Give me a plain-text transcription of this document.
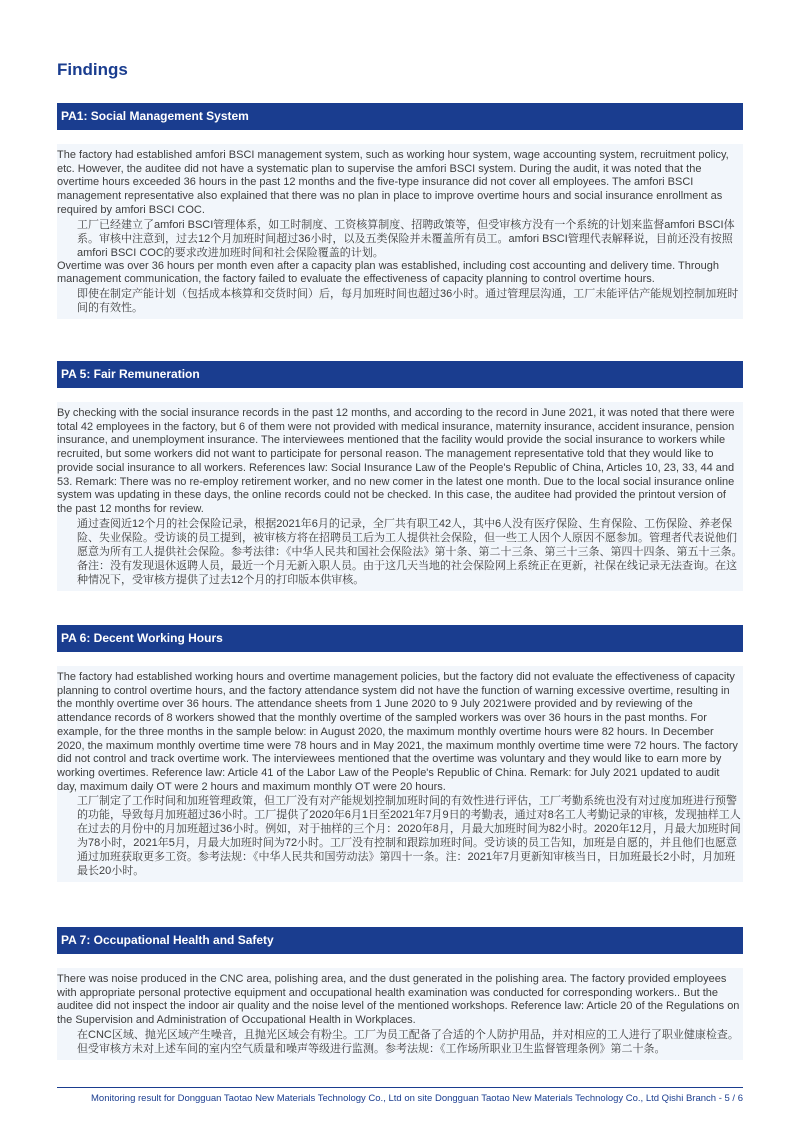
Findings
PA1: Social Management System

The factory had established amfori BSCI management system, such as working hour system, wage accounting system, recruitment policy, etc. However, the auditee did not have a systematic plan to supervise the amfori BSCI system. During the audit, it was noted that the overtime hours exceeded 36 hours in the past 12 months and the five-type insurance did not cover all employees. The amfori BSCI management representative also explained that there was no plan in place to improve overtime hours and social insurance enrollment as required by amfori BSCI COC.

工厂已经建立了amfori BSCI管理体系，如工时制度、工资核算制度、招聘政策等，但受审核方没有一个系统的计划来监督amfori BSCI体系。审核中注意到，过去12个月加班时间超过36小时，以及五类保险并未覆盖所有员工。amfori BSCI管理代表解释说，目前还没有按照amfori BSCI COC的要求改进加班时间和社会保险覆盖的计划。

Overtime was over 36 hours per month even after a capacity plan was established, including cost accounting and delivery time. Through management communication, the factory failed to evaluate the effectiveness of capacity planning to control overtime hours.

即使在制定产能计划（包括成本核算和交货时间）后，每月加班时间也超过36小时。通过管理层沟通，工厂未能评估产能规划控制加班时间的有效性。

PA 5: Fair Remuneration

By checking with the social insurance records in the past 12 months, and according to the record in June 2021, it was noted that there were total 42 employees in the factory, but 6 of them were not provided with medical insurance, maternity insurance, accident insurance, pension insurance, and unemployment insurance. The interviewees mentioned that the facility would provide the social insurance to workers while recruited, but some workers did not want to participate for personal reason. The management representative told that they would like to provide social insurance to all workers. References law: Social Insurance Law of the People's Republic of China, Articles 10, 23, 33, 44 and 53. Remark: There was no re-employ retirement worker, and no new comer in the latest one month. Due to the local social insurance online system was updating in these days, the online records could not be checked. In this case, the auditee had provided the printout version of the past 12 months for review.

通过查阅近12个月的社会保险记录，根据2021年6月的记录，全厂共有职工42人，其中6人没有医疗保险、生育保险、工伤保险、养老保险、失业保险。受访谈的员工提到，被审核方将在招聘员工后为工人提供社会保险，但一些工人因个人原因不愿参加。管理者代表说他们愿意为所有工人提供社会保险。参考法律：《中华人民共和国社会保险法》第十条、第二十三条、第三十三条、第四十四条、第五十三条。备注：没有发现退休返聘人员，最近一个月无新入职人员。由于这几天当地的社会保险网上系统正在更新，社保在线记录无法查询。在这种情况下，受审核方提供了过去12个月的打印版本供审核。

PA 6: Decent Working Hours

The factory had established working hours and overtime management policies, but the factory did not evaluate the effectiveness of capacity planning to control overtime hours, and the factory attendance system did not have the function of warning excessive overtime, resulting in the monthly overtime over 36 hours. The attendance sheets from 1 June 2020 to 9 July 2021were provided and by reviewing of the attendance records of 8 workers showed that the monthly overtime of the sampled workers was over 36 hours in the past months. For example, for the three months in the sample below: in August 2020, the maximum monthly overtime hours were 82 hours. In December 2020, the maximum monthly overtime time were 78 hours and in May 2021, the maximum monthly overtime time were 72 hours. The factory did not control and track overtime work. The interviewees mentioned that the overtime was voluntary and they would like to earn more by working overtimes. Reference law: Article 41 of the Labor Law of the People's Republic of China. Remark: for July 2021 updated to audit day, maximum daily OT were 2 hours and maximum monthly OT were 20 hours.

工厂制定了工作时间和加班管理政策，但工厂没有对产能规划控制加班时间的有效性进行评估，工厂考勤系统也没有对过度加班进行预警的功能，导致每月加班超过36小时。工厂提供了2020年6月1日至2021年7月9日的考勤表，通过对8名工人考勤记录的审核，发现抽样工人在过去的月份中的月加班超过36小时。例如，对于抽样的三个月：2020年8月，月最大加班时间为82小时。2020年12月，月最大加班时间为78小时，2021年5月，月最大加班时间为72小时。工厂没有控制和跟踪加班时间。受访谈的员工告知，加班是自愿的，并且他们也愿意通过加班获取更多工资。参考法规：《中华人民共和国劳动法》第四十一条。注：2021年7月更新知审核当日，日加班最长2小时，月加班最长20小时。

PA 7: Occupational Health and Safety

There was noise produced in the CNC area, polishing area, and the dust generated in the polishing area. The factory provided employees with appropriate personal protective equipment and occupational health examination was conducted for corresponding workers.. But the auditee did not inspect the indoor air quality and the noise level of the mentioned workshops. Reference law: Article 20 of the Regulations on the Supervision and Administration of Occupational Health in Workplaces.

在CNC区域、抛光区域产生噪音，且抛光区域会有粉尘。工厂为员工配备了合适的个人防护用品，并对相应的工人进行了职业健康检查。但受审核方未对上述车间的室内空气质量和噪声等级进行监测。参考法规：《工作场所职业卫生监督管理条例》第二十条。

Monitoring result for Dongguan Taotao New Materials Technology Co., Ltd on site Dongguan Taotao New Materials Technology Co., Ltd Qishi Branch - 5 / 6
